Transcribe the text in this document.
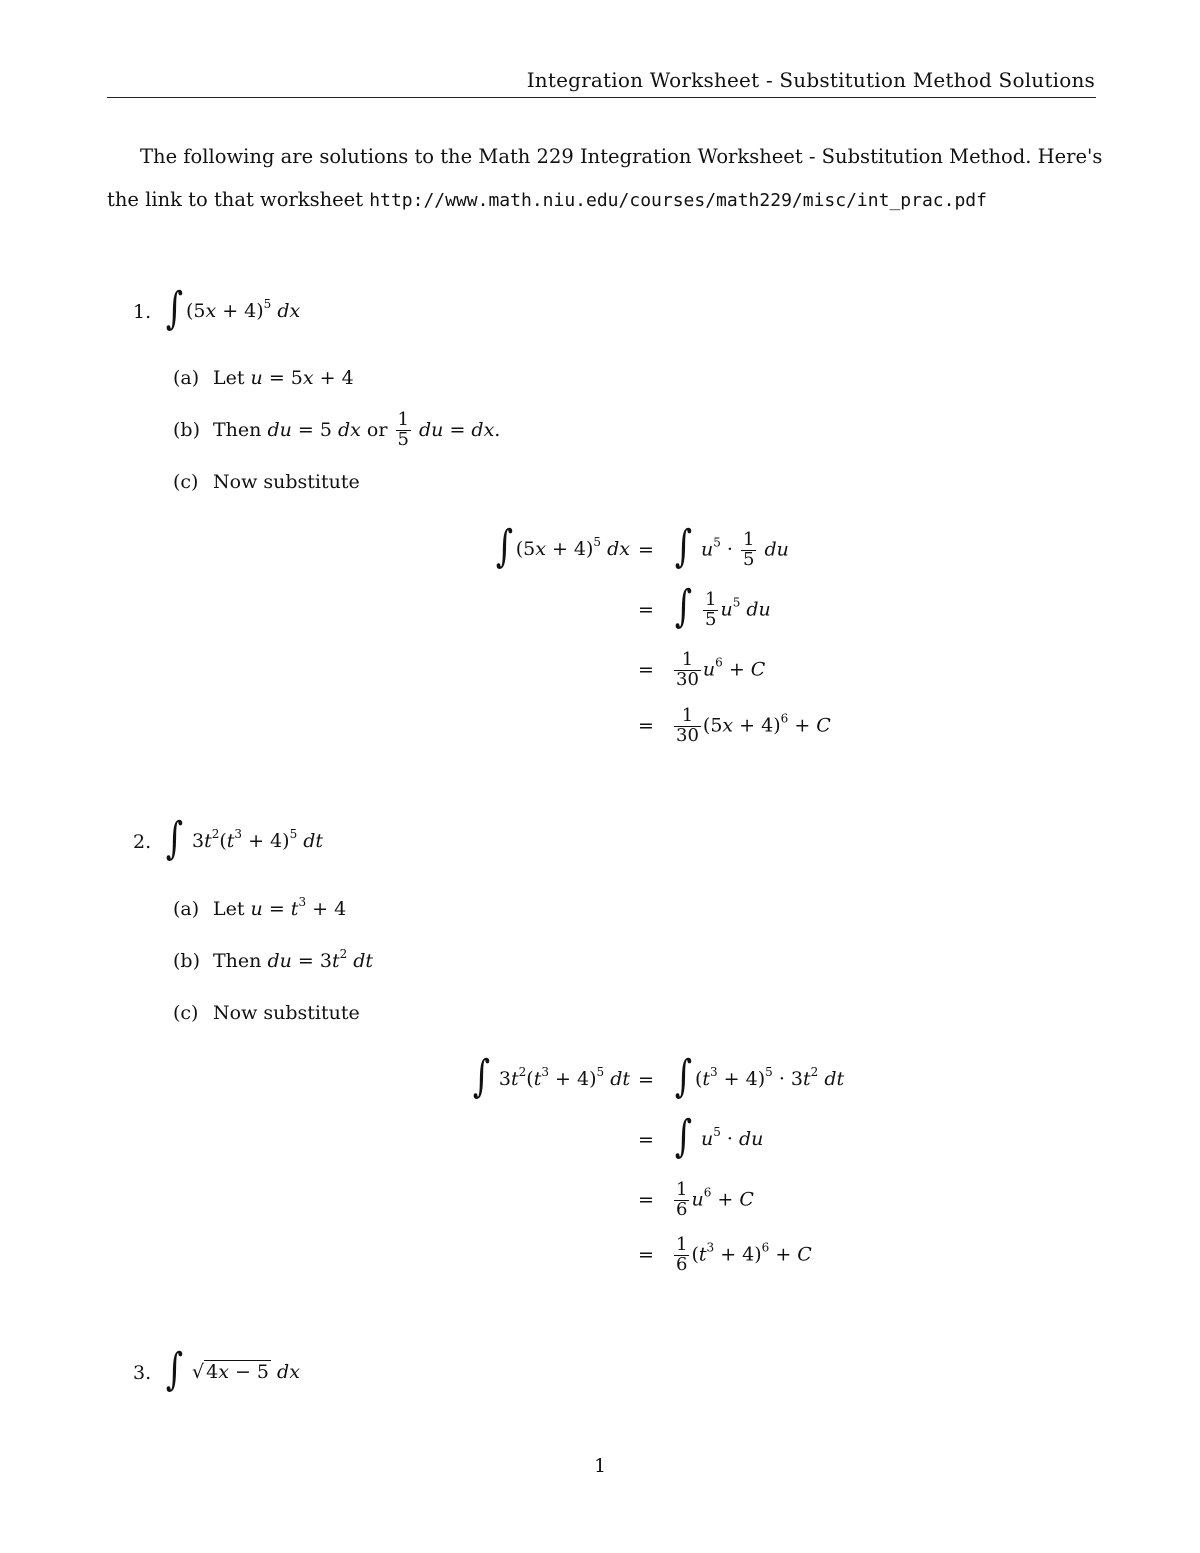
Integration Worksheet - Substitution Method Solutions
The following are solutions to the Math 229 Integration Worksheet - Substitution Method. Here's
the link to that worksheet http://www.math.niu.edu/courses/math229/misc/int_prac.pdf
1. ∫ $(5x + 4)^5$ dx
(a) Let
u = 5x + 4
(b) Then
du = 5 dx
or
$\frac{1}{5}$
du = dx.
(c) Now substitute
∫ $(5x + 4)^5$ dx = ∫ $u^5 \cdot \frac{1}{5}$ du
= ∫ $\frac{1}{5} u^5$ du
= $\frac{1}{30} u^6 + C$
= $\frac{1}{30} (5x + 4)^6 + C$
2. ∫ $3t^2(t^3 + 4)^5$ dt
(a) Let
$u = t^3 + 4$
(b) Then
du = $3t^2$ dt
(c) Now substitute
∫ $3t^2(t^3 + 4)^5$ dt = ∫ $(t^3 + 4)^5 \cdot 3t^2$ dt
= ∫ $u^5$ · du
= $\frac{1}{6} u^6 + C$
= $\frac{1}{6} (t^3 + 4)^6 + C$
3. ∫ √ 4x − 5 dx
1
